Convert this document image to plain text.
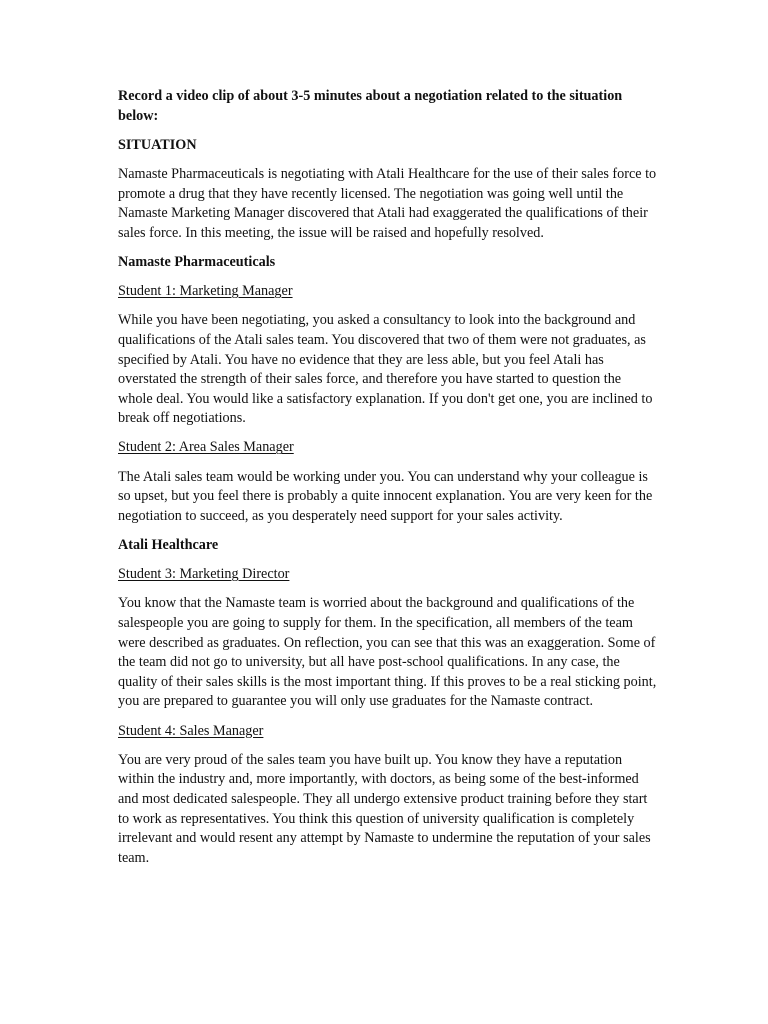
Record a video clip of about 3-5 minutes about a negotiation related to the situation below:

SITUATION

Namaste Pharmaceuticals is negotiating with Atali Healthcare for the use of their sales force to promote a drug that they have recently licensed. The negotiation was going well until the Namaste Marketing Manager discovered that Atali had exaggerated the qualifications of their sales force. In this meeting, the issue will be raised and hopefully resolved.

Namaste Pharmaceuticals

Student 1: Marketing Manager

While you have been negotiating, you asked a consultancy to look into the background and qualifications of the Atali sales team. You discovered that two of them were not graduates, as specified by Atali. You have no evidence that they are less able, but you feel Atali has overstated the strength of their sales force, and therefore you have started to question the whole deal. You would like a satisfactory explanation. If you don't get one, you are inclined to break off negotiations.

Student 2: Area Sales Manager

The Atali sales team would be working under you. You can understand why your colleague is so upset, but you feel there is probably a quite innocent explanation. You are very keen for the negotiation to succeed, as you desperately need support for your sales activity.

Atali Healthcare

Student 3: Marketing Director

You know that the Namaste team is worried about the background and qualifications of the salespeople you are going to supply for them. In the specification, all members of the team were described as graduates. On reflection, you can see that this was an exaggeration. Some of the team did not go to university, but all have post-school qualifications. In any case, the quality of their sales skills is the most important thing. If this proves to be a real sticking point, you are prepared to guarantee you will only use graduates for the Namaste contract.

Student 4: Sales Manager

You are very proud of the sales team you have built up. You know they have a reputation within the industry and, more importantly, with doctors, as being some of the best-informed and most dedicated salespeople. They all undergo extensive product training before they start to work as representatives. You think this question of university qualification is completely irrelevant and would resent any attempt by Namaste to undermine the reputation of your sales team.
